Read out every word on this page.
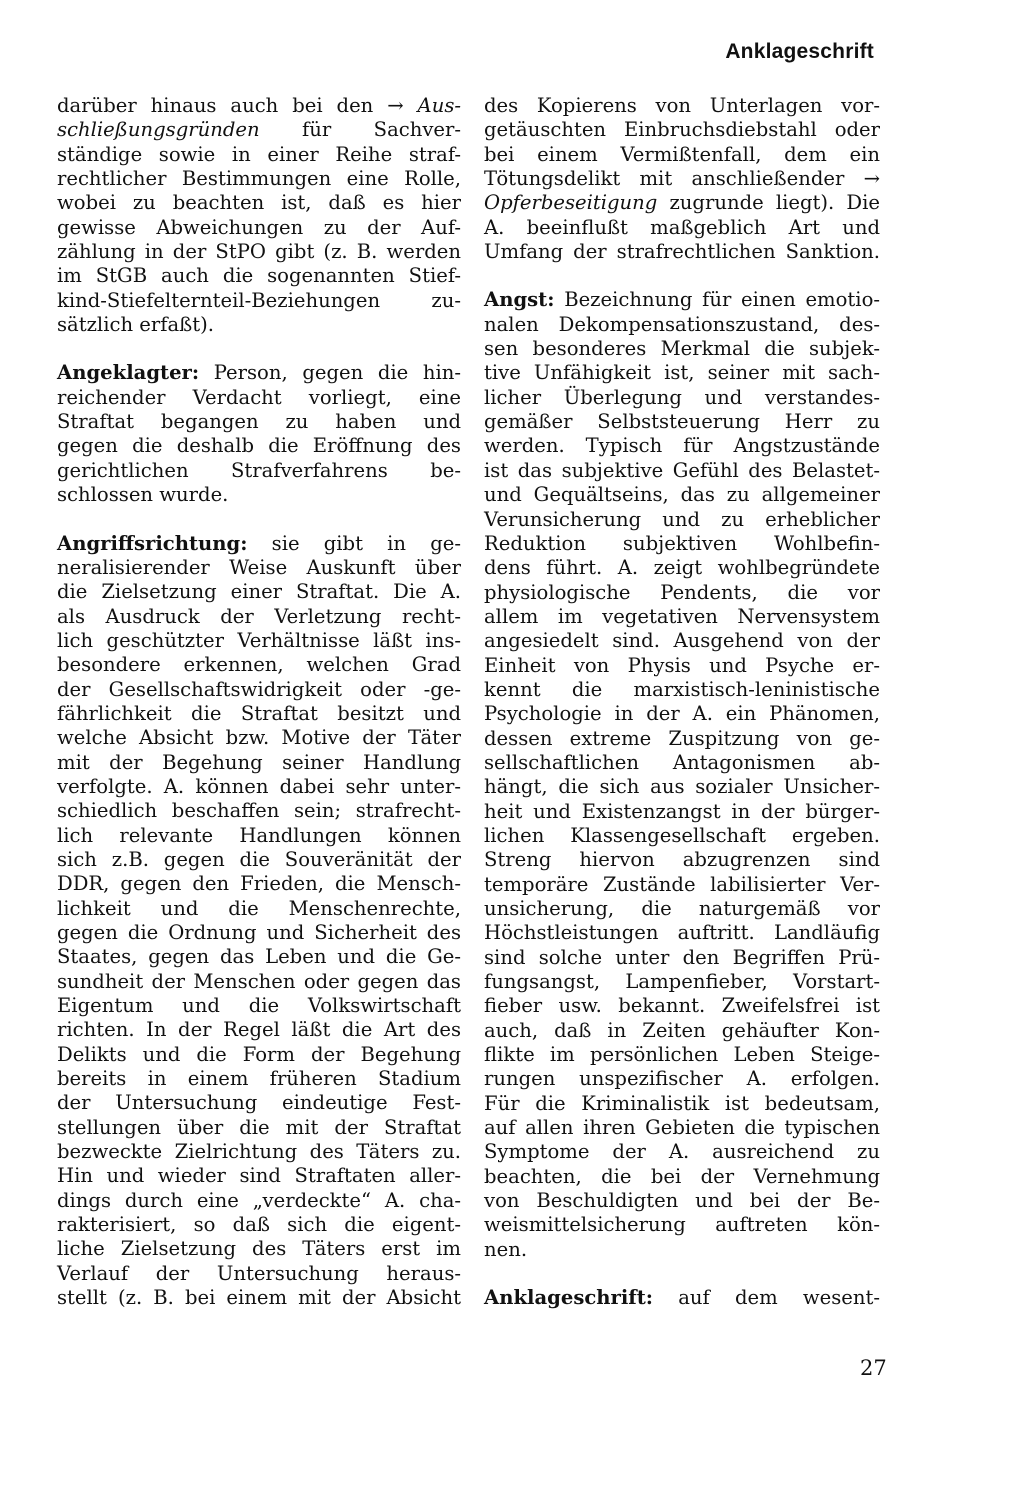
Anklageschrift
darüber hinaus auch bei den → Aus-
schließungsgründen für Sachver-
ständige sowie in einer Reihe straf-
rechtlicher Bestimmungen eine Rolle,
wobei zu beachten ist, daß es hier
gewisse Abweichungen zu der Auf-
zählung in der StPO gibt (z. B. werden
im StGB auch die sogenannten Stief-
kind-Stiefelternteil-Beziehungen zu-
sätzlich erfaßt).
Angeklagter: Person, gegen die hin-
reichender Verdacht vorliegt, eine
Straftat begangen zu haben und
gegen die deshalb die Eröffnung des
gerichtlichen Strafverfahrens be-
schlossen wurde.
Angriffsrichtung: sie gibt in ge-
neralisierender Weise Auskunft über
die Zielsetzung einer Straftat. Die A.
als Ausdruck der Verletzung recht-
lich geschützter Verhältnisse läßt ins-
besondere erkennen, welchen Grad
der Gesellschaftswidrigkeit oder -ge-
fährlichkeit die Straftat besitzt und
welche Absicht bzw. Motive der Täter
mit der Begehung seiner Handlung
verfolgte. A. können dabei sehr unter-
schiedlich beschaffen sein; strafrecht-
lich relevante Handlungen können
sich z.B. gegen die Souveränität der
DDR, gegen den Frieden, die Mensch-
lichkeit und die Menschenrechte,
gegen die Ordnung und Sicherheit des
Staates, gegen das Leben und die Ge-
sundheit der Menschen oder gegen das
Eigentum und die Volkswirtschaft
richten. In der Regel läßt die Art des
Delikts und die Form der Begehung
bereits in einem früheren Stadium
der Untersuchung eindeutige Fest-
stellungen über die mit der Straftat
bezweckte Zielrichtung des Täters zu.
Hin und wieder sind Straftaten aller-
dings durch eine „verdeckte“ A. cha-
rakterisiert, so daß sich die eigent-
liche Zielsetzung des Täters erst im
Verlauf der Untersuchung heraus-
stellt (z. B. bei einem mit der Absicht
des Kopierens von Unterlagen vor-
getäuschten Einbruchsdiebstahl oder
bei einem Vermißtenfall, dem ein
Tötungsdelikt mit anschließender →
Opferbeseitigung zugrunde liegt). Die
A. beeinflußt maßgeblich Art und
Umfang der strafrechtlichen Sanktion.
Angst: Bezeichnung für einen emotio-
nalen Dekompensationszustand, des-
sen besonderes Merkmal die subjek-
tive Unfähigkeit ist, seiner mit sach-
licher Überlegung und verstandes-
gemäßer Selbststeuerung Herr zu
werden. Typisch für Angstzustände
ist das subjektive Gefühl des Belastet-
und Gequältseins, das zu allgemeiner
Verunsicherung und zu erheblicher
Reduktion subjektiven Wohlbefin-
dens führt. A. zeigt wohlbegründete
physiologische Pendents, die vor
allem im vegetativen Nervensystem
angesiedelt sind. Ausgehend von der
Einheit von Physis und Psyche er-
kennt die marxistisch-leninistische
Psychologie in der A. ein Phänomen,
dessen extreme Zuspitzung von ge-
sellschaftlichen Antagonismen ab-
hängt, die sich aus sozialer Unsicher-
heit und Existenzangst in der bürger-
lichen Klassengesellschaft ergeben.
Streng hiervon abzugrenzen sind
temporäre Zustände labilisierter Ver-
unsicherung, die naturgemäß vor
Höchstleistungen auftritt. Landläufig
sind solche unter den Begriffen Prü-
fungsangst, Lampenfieber, Vorstart-
fieber usw. bekannt. Zweifelsfrei ist
auch, daß in Zeiten gehäufter Kon-
flikte im persönlichen Leben Steige-
rungen unspezifischer A. erfolgen.
Für die Kriminalistik ist bedeutsam,
auf allen ihren Gebieten die typischen
Symptome der A. ausreichend zu
beachten, die bei der Vernehmung
von Beschuldigten und bei der Be-
weismittelsicherung auftreten kön-
nen.
Anklageschrift: auf dem wesent-
27
